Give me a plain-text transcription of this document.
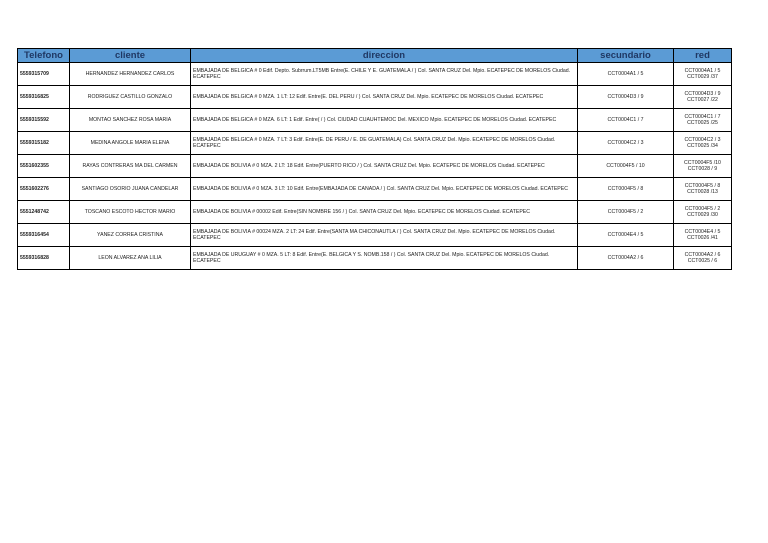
Telefono	cliente	direccion	secundario	red
5559315709	HERNANDEZ HERNANDEZ CARLOS	EMBAJADA DE BELGICA # 0 Edif. Depto. Subrrum.LT5MB Entre(E. CHILE Y E. GUATEMALA / ) Col. SANTA CRUZ Del. Mpio. ECATEPEC DE MORELOS Ciudad. ECATEPEC	CCT0004A1 / 5	CCT0004A1 / 5
CCT0029 /37

5559316825	RODRIGUEZ CASTILLO GONZALO	EMBAJADA DE BELGICA # 0 MZA. 1 LT: 12 Edif. Entre(E. DEL PERU / ) Col. SANTA CRUZ Del. Mpio. ECATEPEC DE MORELOS Ciudad. ECATEPEC	CCT0004D3 / 9	CCT0004D3 / 9
CCT0027 /22

5559315592	MONTAO SANCHEZ ROSA MARIA	EMBAJADA DE BELGICA # 0 MZA. 6 LT: 1 Edif. Entre( / ) Col. CIUDAD CUAUHTEMOC Del. MEXICO Mpio. ECATEPEC DE MORELOS Ciudad. ECATEPEC	CCT0004C1 / 7	CCT0004C1 / 7
CCT0025 /25

5559315182	MEDINA ANGOLE MARIA ELENA	EMBAJADA DE BELGICA # 0 MZA. 7 LT: 3 Edif. Entre(E. DE PERU / E. DE GUATEMALA) Col. SANTA CRUZ Del. Mpio. ECATEPEC DE MORELOS Ciudad. ECATEPEC	CCT0004C2 / 3	CCT0004C2 / 3
CCT0025 /34

5551602355	RAYAS CONTRERAS MA DEL CARMEN	EMBAJADA DE BOLIVIA # 0 MZA. 2 LT: 18 Edif. Entre(PUERTO RICO / ) Col. SANTA CRUZ Del. Mpio. ECATEPEC DE MORELOS Ciudad. ECATEPEC	CCT0004F5 / 10	CCT0004F5 /10
CCT0028 / 9

5551602276	SANTIAGO OSORIO JUANA CANDELAR	EMBAJADA DE BOLIVIA # 0 MZA. 3 LT: 10 Edif. Entre(EMBAJADA DE CANADA / ) Col. SANTA CRUZ Del. Mpio. ECATEPEC DE MORELOS Ciudad. ECATEPEC	CCT0004F5 / 8	CCT0004F5 / 8
CCT0028 /13

5551248742	TOSCANO ESCOTO HECTOR MARIO	EMBAJADA DE BOLIVIA # 00002 Edif. Entre(SIN NOMBRE 156 / ) Col. SANTA CRUZ Del. Mpio. ECATEPEC DE MORELOS Ciudad. ECATEPEC	CCT0004F5 / 2	CCT0004F5 / 2
CCT0029 /30

5559316454	YANEZ CORREA CRISTINA	EMBAJADA DE BOLIVIA # 00024 MZA. 2 LT: 24 Edif. Entre(SANTA MA CHICONAUTLA / ) Col. SANTA CRUZ Del. Mpio. ECATEPEC DE MORELOS Ciudad. ECATEPEC	CCT0004E4 / 5	CCT0004E4 / 5
CCT0026 /41

5559316828	LEON ALVAREZ ANA LILIA	EMBAJADA DE URUGUAY # 0 MZA. 5 LT: 8 Edif. Entre(E. BELGICA Y S. NOMB.158 / ) Col. SANTA CRUZ Del. Mpio. ECATEPEC DE MORELOS Ciudad. ECATEPEC	CCT0004A2 / 6	CCT0004A2 / 6
CCT0025 / 6
